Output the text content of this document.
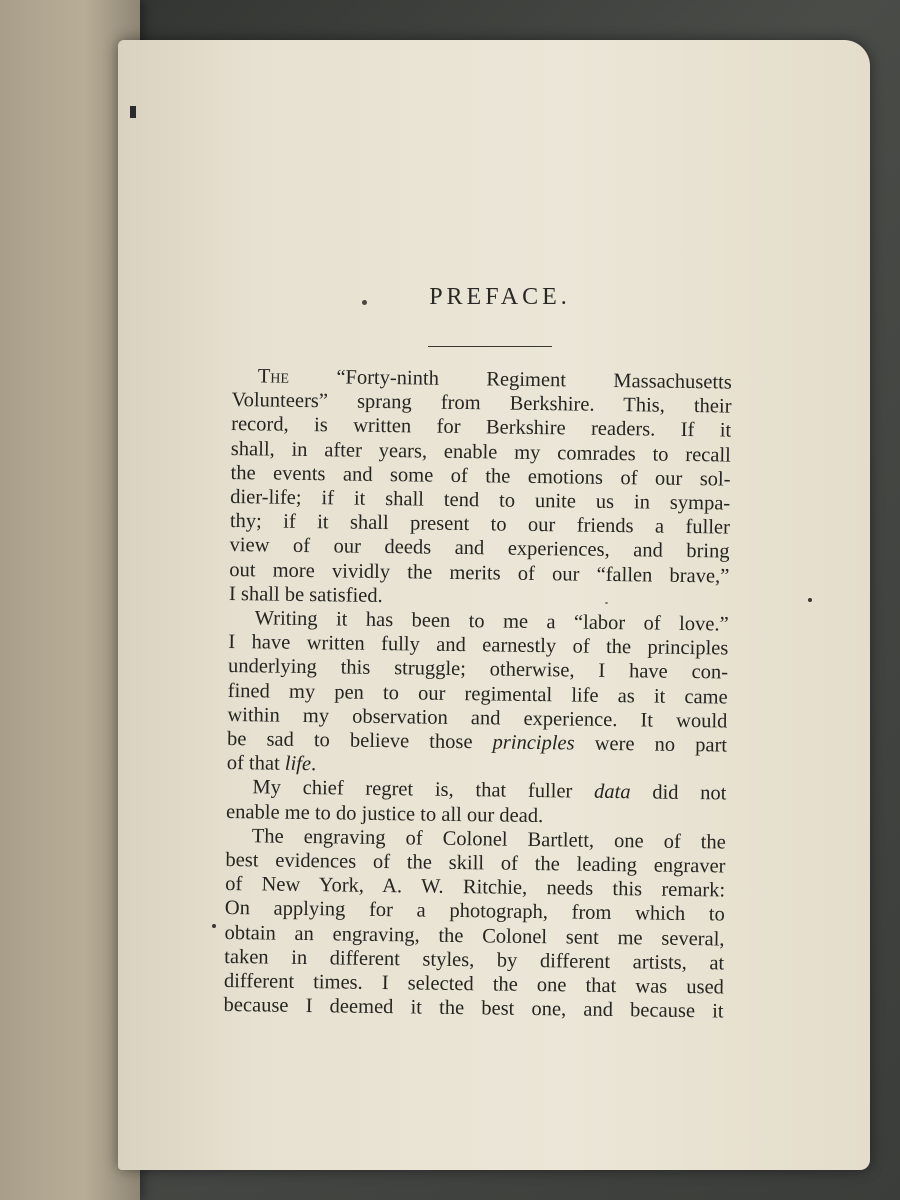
PREFACE.
The “Forty-ninth Regiment Massachusetts
Volunteers” sprang from Berkshire. This, their
record, is written for Berkshire readers. If it
shall, in after years, enable my comrades to recall
the events and some of the emotions of our sol-
dier-life; if it shall tend to unite us in sympa-
thy; if it shall present to our friends a fuller
view of our deeds and experiences, and bring
out more vividly the merits of our “fallen brave,”
I shall be satisfied.
Writing it has been to me a “labor of love.”
I have written fully and earnestly of the principles
underlying this struggle; otherwise, I have con-
fined my pen to our regimental life as it came
within my observation and experience. It would
be sad to believe those principles were no part
of that life.
My chief regret is, that fuller data did not
enable me to do justice to all our dead.
The engraving of Colonel Bartlett, one of the
best evidences of the skill of the leading engraver
of New York, A. W. Ritchie, needs this remark:
On applying for a photograph, from which to
obtain an engraving, the Colonel sent me several,
taken in different styles, by different artists, at
different times. I selected the one that was used
because I deemed it the best one, and because it
